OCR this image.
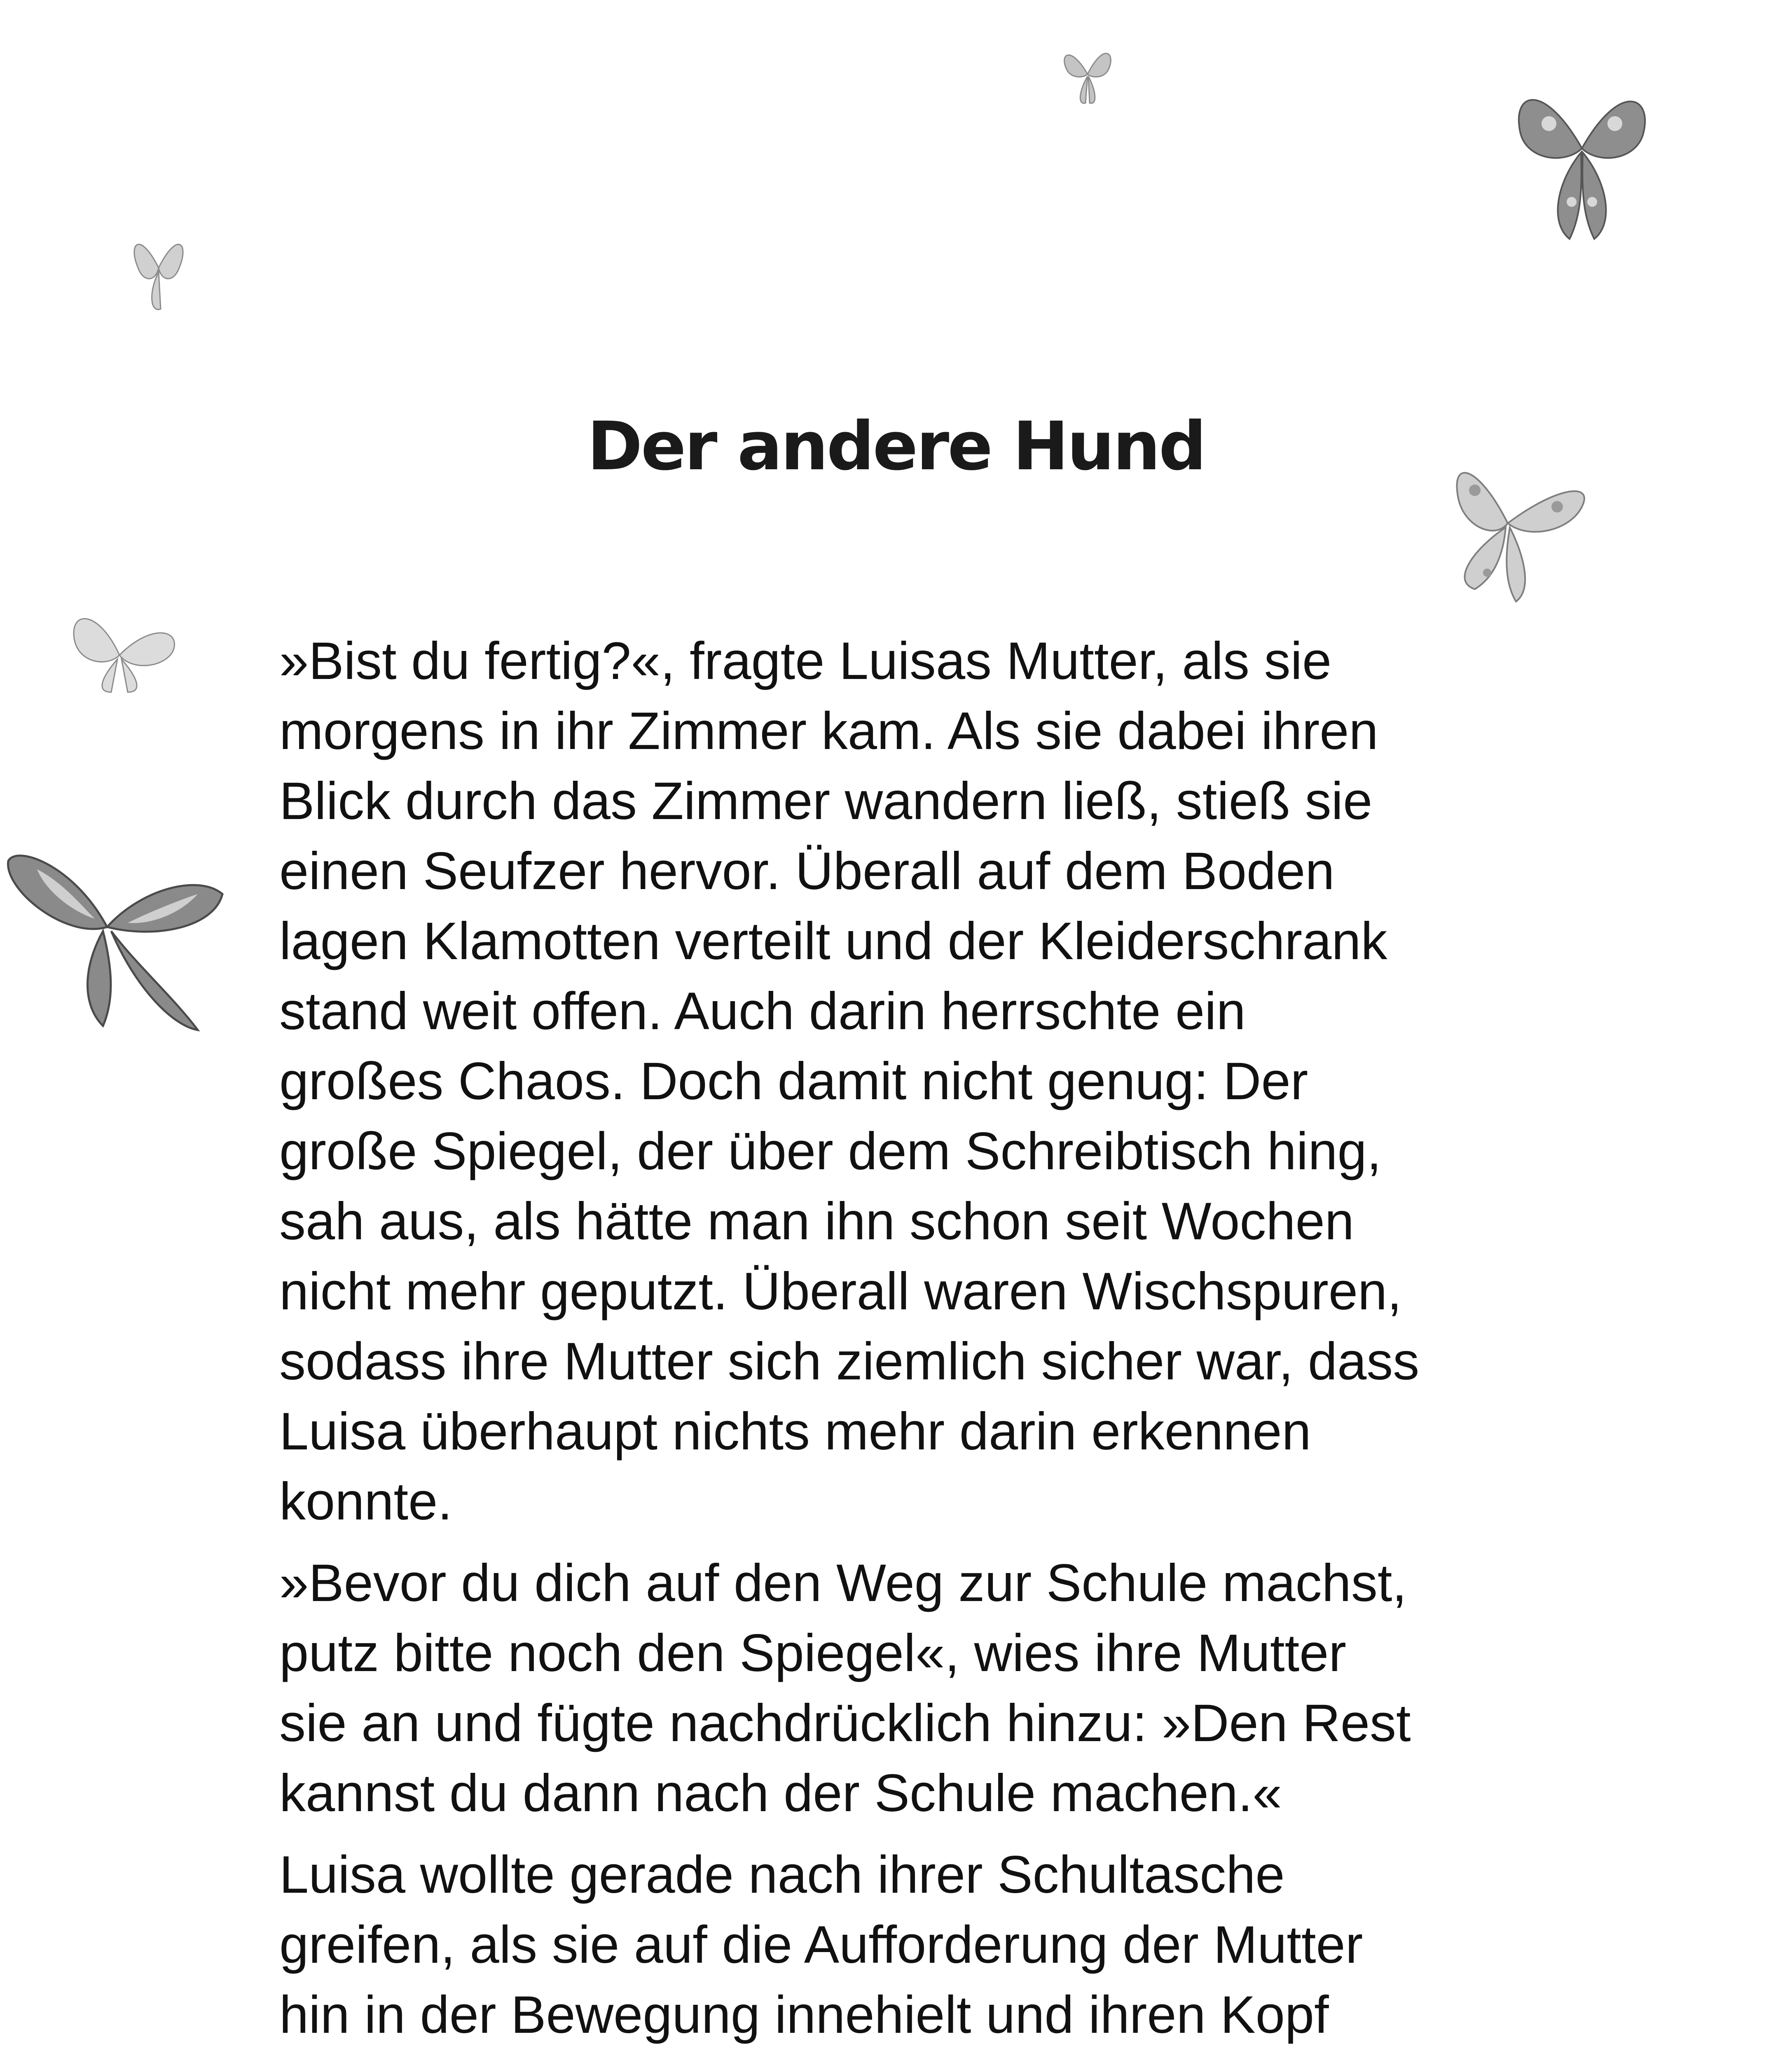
Der andere Hund

»Bist du fertig?«, fragte Luisas Mutter, als sie
morgens in ihr Zimmer kam. Als sie dabei ihren
Blick durch das Zimmer wandern ließ, stieß sie
einen Seufzer hervor. Überall auf dem Boden
lagen Klamotten verteilt und der Kleiderschrank
stand weit offen. Auch darin herrschte ein
großes Chaos. Doch damit nicht genug: Der
große Spiegel, der über dem Schreibtisch hing,
sah aus, als hätte man ihn schon seit Wochen
nicht mehr geputzt. Überall waren Wischspuren,
sodass ihre Mutter sich ziemlich sicher war, dass
Luisa überhaupt nichts mehr darin erkennen
konnte.

»Bevor du dich auf den Weg zur Schule machst,
putz bitte noch den Spiegel«, wies ihre Mutter
sie an und fügte nachdrücklich hinzu: »Den Rest
kannst du dann nach der Schule machen.«

Luisa wollte gerade nach ihrer Schultasche
greifen, als sie auf die Aufforderung der Mutter
hin in der Bewegung innehielt und ihren Kopf
